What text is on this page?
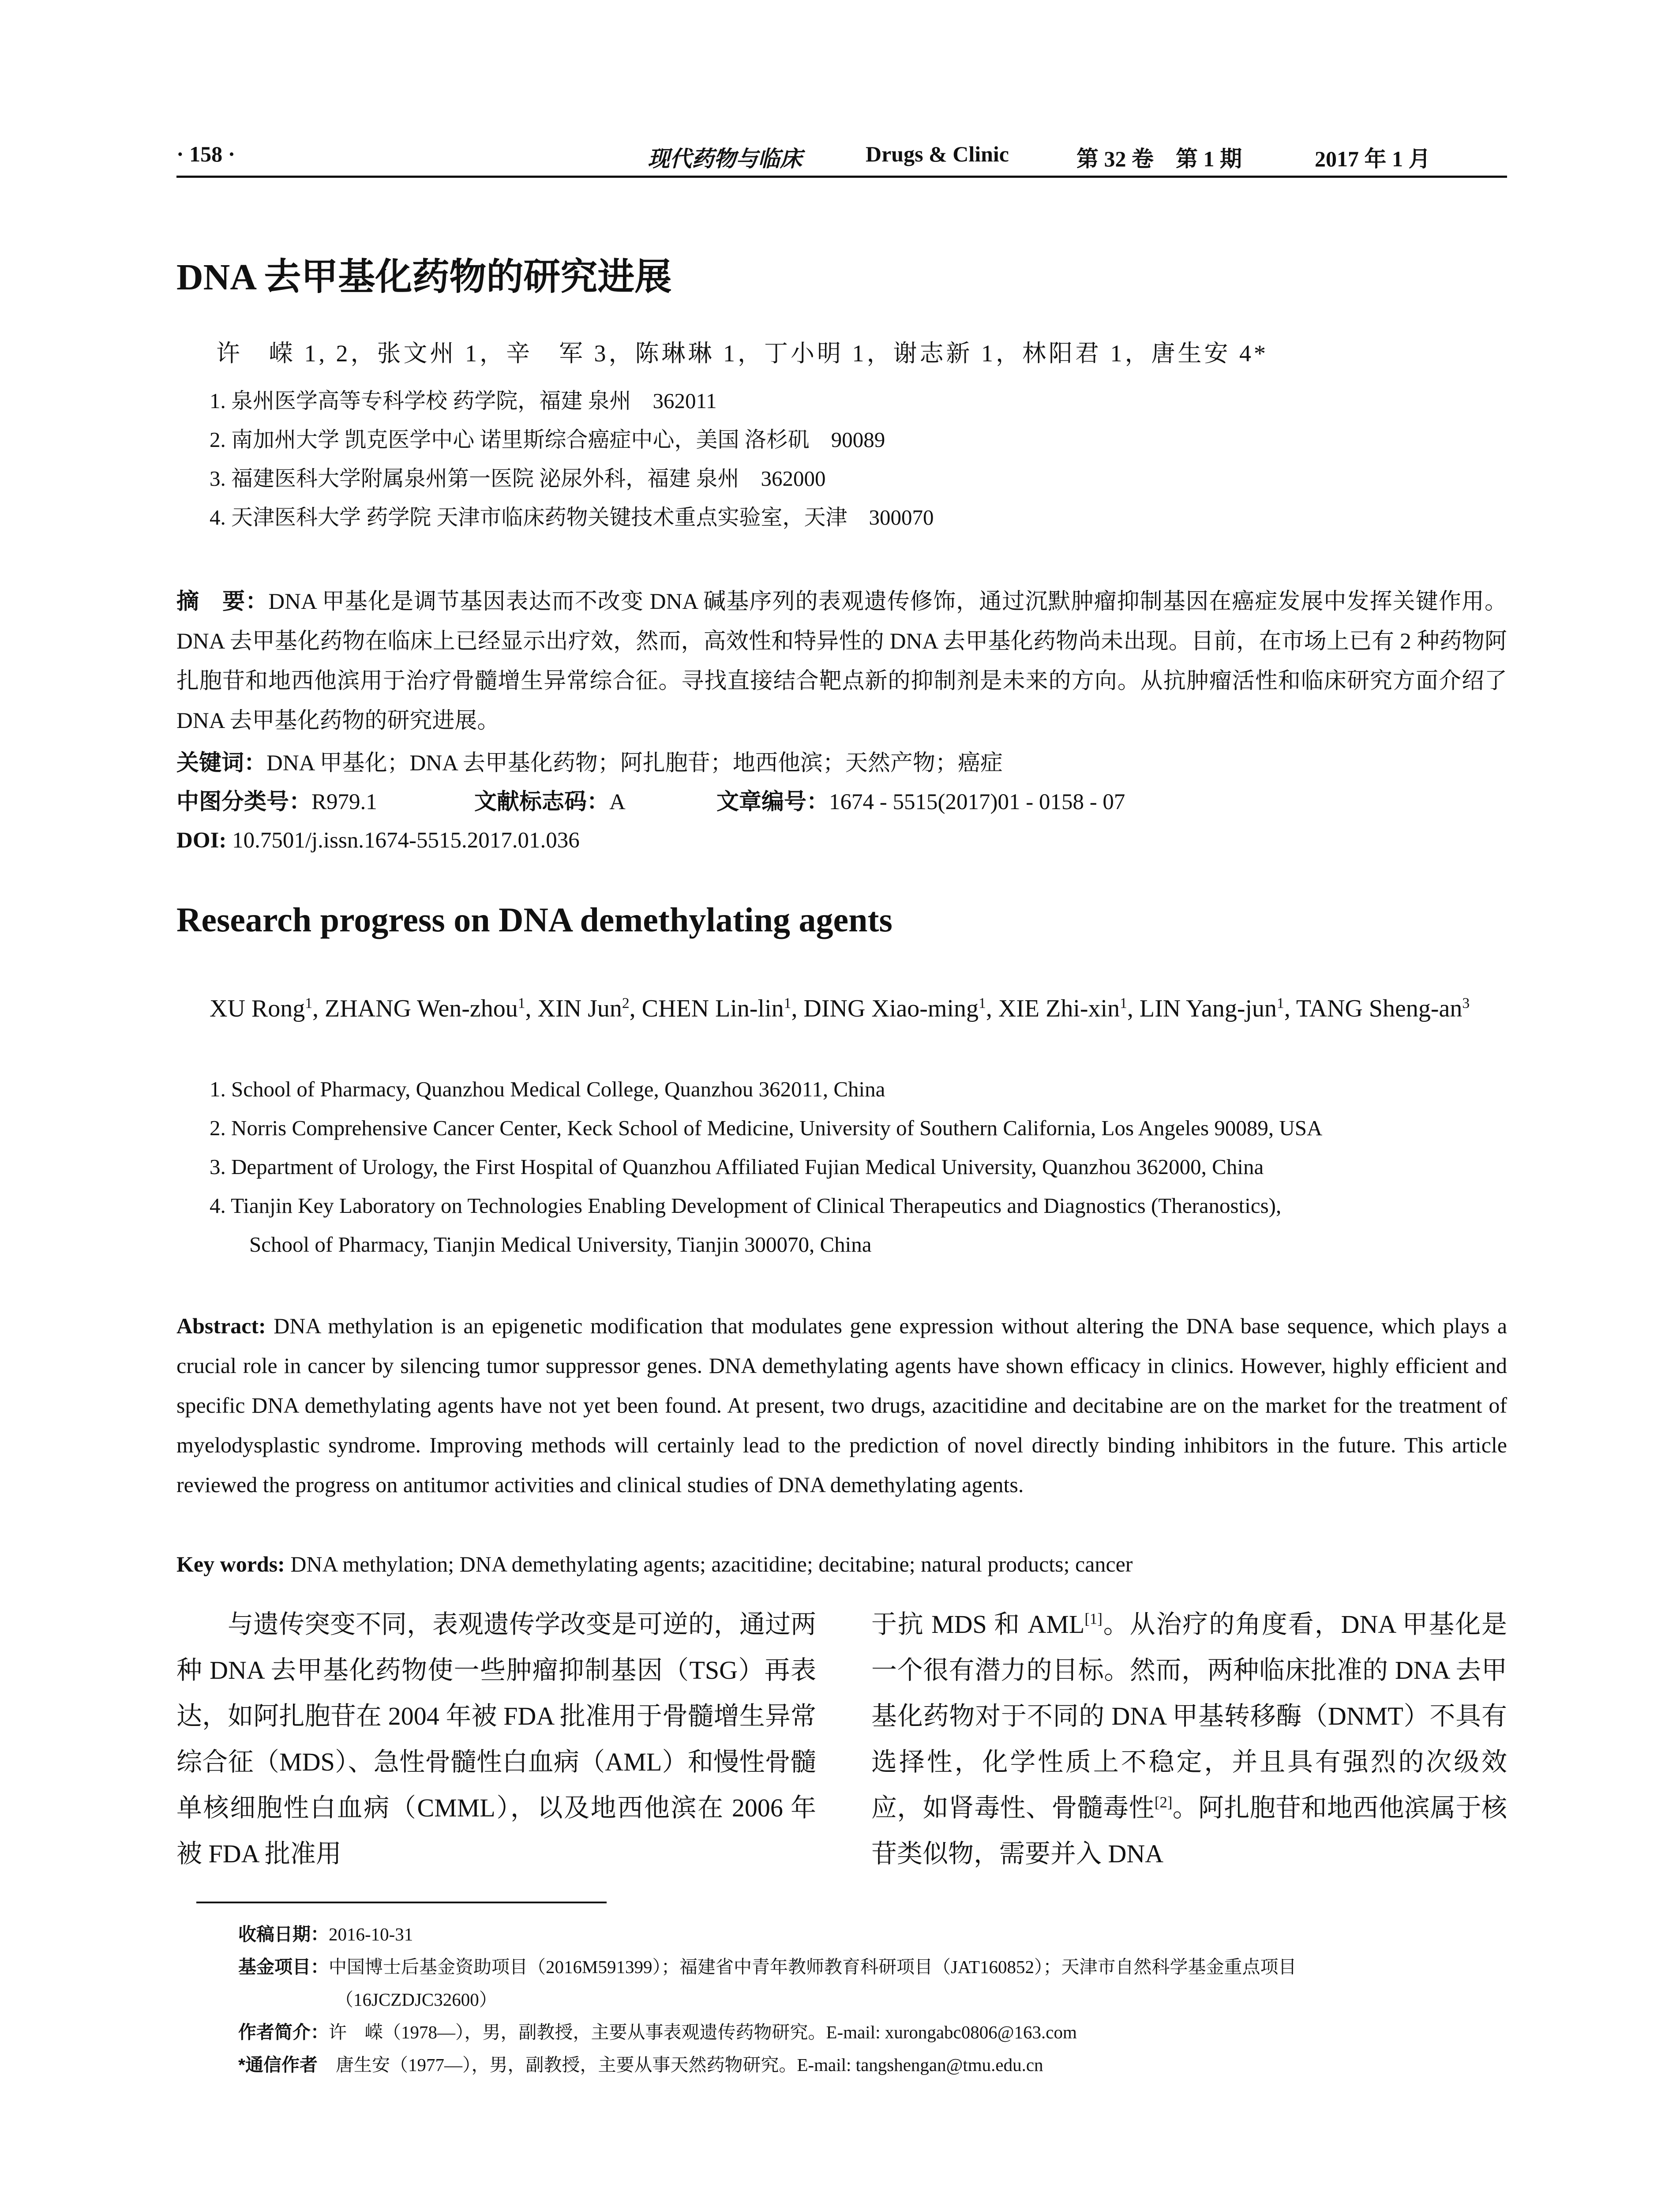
· 158 ·	现代药物与临床	Drugs & Clinic	第 32 卷　第 1 期	2017 年 1 月
DNA 去甲基化药物的研究进展
许　嵘 1, 2，张文州 1，辛　军 3，陈琳琳 1，丁小明 1，谢志新 1，林阳君 1，唐生安 4*
1. 泉州医学高等专科学校 药学院，福建 泉州　362011
2. 南加州大学 凯克医学中心 诺里斯综合癌症中心，美国 洛杉矶　90089
3. 福建医科大学附属泉州第一医院 泌尿外科，福建 泉州　362000
4. 天津医科大学 药学院 天津市临床药物关键技术重点实验室，天津　300070
摘　要：DNA 甲基化是调节基因表达而不改变 DNA 碱基序列的表观遗传修饰，通过沉默肿瘤抑制基因在癌症发展中发挥关键作用。DNA 去甲基化药物在临床上已经显示出疗效，然而，高效性和特异性的 DNA 去甲基化药物尚未出现。目前，在市场上已有 2 种药物阿扎胞苷和地西他滨用于治疗骨髓增生异常综合征。寻找直接结合靶点新的抑制剂是未来的方向。从抗肿瘤活性和临床研究方面介绍了 DNA 去甲基化药物的研究进展。
关键词：DNA 甲基化；DNA 去甲基化药物；阿扎胞苷；地西他滨；天然产物；癌症
中图分类号：R979.1	文献标志码：A	文章编号：1674 - 5515(2017)01 - 0158 - 07
DOI: 10.7501/j.issn.1674-5515.2017.01.036
Research progress on DNA demethylating agents
XU Rong$^1$, ZHANG Wen-zhou$^1$, XIN Jun$^2$, CHEN Lin-lin$^1$, DING Xiao-ming$^1$, XIE Zhi-xin$^1$, LIN Yang-jun$^1$, TANG Sheng-$an^3$
1. School of Pharmacy, Quanzhou Medical College, Quanzhou 362011, China
2. Norris Comprehensive Cancer Center, Keck School of Medicine, University of Southern California, Los Angeles 90089, USA
3. Department of Urology, the First Hospital of Quanzhou Affiliated Fujian Medical University, Quanzhou 362000, China
4. Tianjin Key Laboratory on Technologies Enabling Development of Clinical Therapeutics and Diagnostics (Theranostics),
School of Pharmacy, Tianjin Medical University, Tianjin 300070, China
Abstract: DNA methylation is an epigenetic modification that modulates gene expression without altering the DNA base sequence, which plays a crucial role in cancer by silencing tumor suppressor genes. DNA demethylating agents have shown efficacy in clinics. However, highly efficient and specific DNA demethylating agents have not yet been found. At present, two drugs, azacitidine and decitabine are on the market for the treatment of myelodysplastic syndrome. Improving methods will certainly lead to the prediction of novel directly binding inhibitors in the future. This article reviewed the progress on antitumor activities and clinical studies of DNA demethylating agents.
Key words: DNA methylation; DNA demethylating agents; azacitidine; decitabine; natural products; cancer
与遗传突变不同，表观遗传学改变是可逆的，通过两种 DNA 去甲基化药物使一些肿瘤抑制基因（TSG）再表达，如阿扎胞苷在 2004 年被 FDA 批准用于骨髓增生异常综合征（MDS）、急性骨髓性白血病（AML）和慢性骨髓单核细胞性白血病（CMML），以及地西他滨在 2006 年被 FDA 批准用
于抗 MDS 和 AML[1]。从治疗的角度看，DNA 甲基化是一个很有潜力的目标。然而，两种临床批准的 DNA 去甲基化药物对于不同的 DNA 甲基转移酶（DNMT）不具有选择性，化学性质上不稳定，并且具有强烈的次级效应，如肾毒性、骨髓毒性[2]。阿扎胞苷和地西他滨属于核苷类似物，需要并入 DNA
收稿日期：2016-10-31
基金项目：中国博士后基金资助项目（2016M591399）；福建省中青年教师教育科研项目（JAT160852）；天津市自然科学基金重点项目
（16JCZDJC32600）
作者简介：许　嵘（1978—），男，副教授，主要从事表观遗传药物研究。E-mail: xurongabc0806@163.com
*通信作者　 唐生安（1977—），男，副教授，主要从事天然药物研究。E-mail: tangshengan@tmu.edu.cn
